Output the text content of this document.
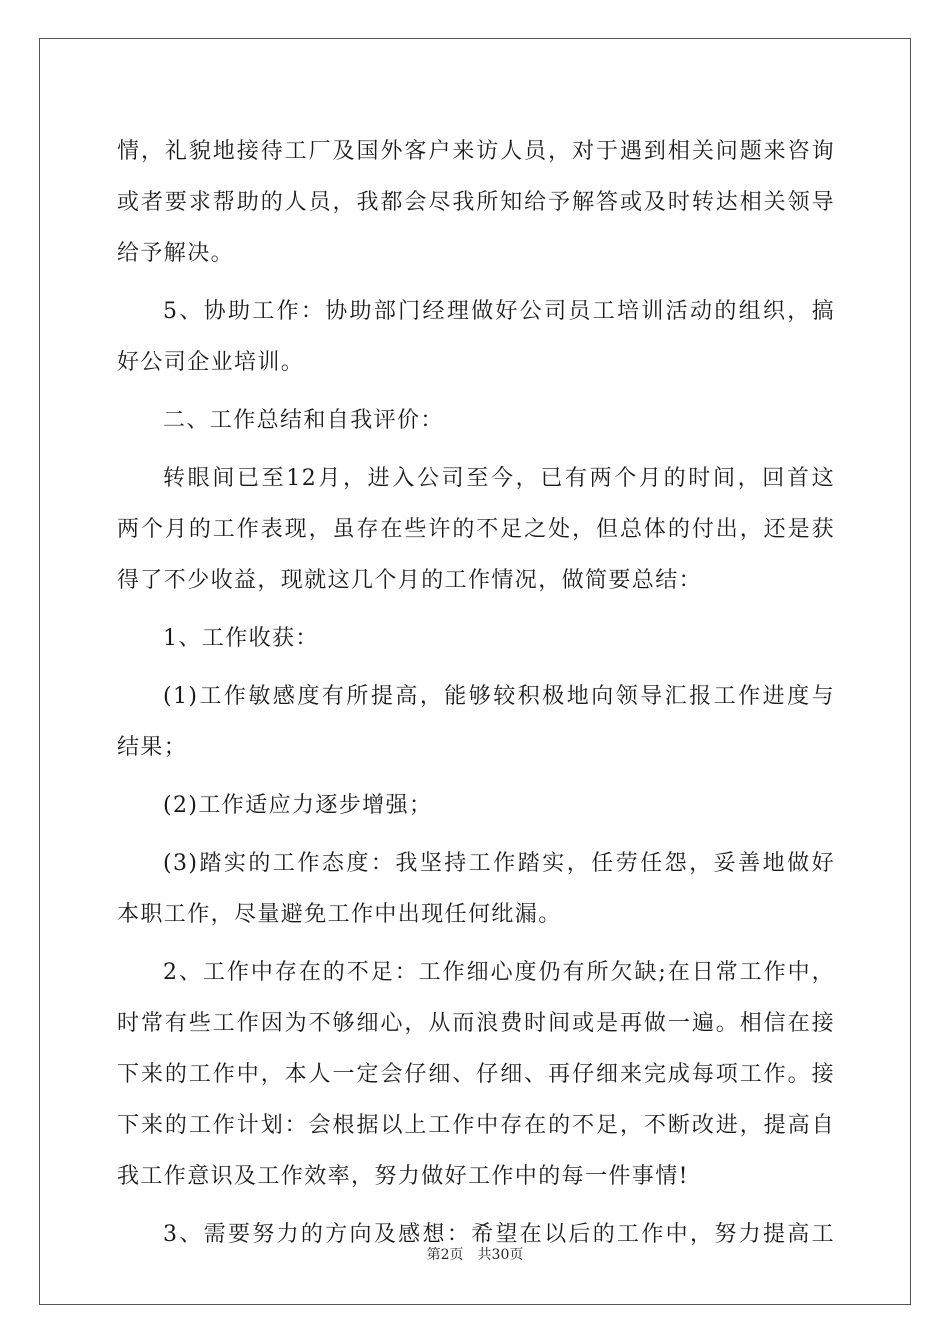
情，礼貌地接待工厂及国外客户来访人员，对于遇到相关问题来咨询
或者要求帮助的人员，我都会尽我所知给予解答或及时转达相关领导
给予解决。
5、协助工作：协助部门经理做好公司员工培训活动的组织，搞
好公司企业培训。
二、工作总结和自我评价：
转眼间已至12月，进入公司至今，已有两个月的时间，回首这
两个月的工作表现，虽存在些许的不足之处，但总体的付出，还是获
得了不少收益，现就这几个月的工作情况，做简要总结：
1、工作收获：
(1)工作敏感度有所提高，能够较积极地向领导汇报工作进度与
结果；
(2)工作适应力逐步增强；
(3)踏实的工作态度：我坚持工作踏实，任劳任怨，妥善地做好
本职工作，尽量避免工作中出现任何纰漏。
2、工作中存在的不足：工作细心度仍有所欠缺;在日常工作中，
时常有些工作因为不够细心，从而浪费时间或是再做一遍。相信在接
下来的工作中，本人一定会仔细、仔细、再仔细来完成每项工作。接
下来的工作计划：会根据以上工作中存在的不足，不断改进，提高自
我工作意识及工作效率，努力做好工作中的每一件事情!
3、需要努力的方向及感想：希望在以后的工作中，努力提高工
第2页　共30页
